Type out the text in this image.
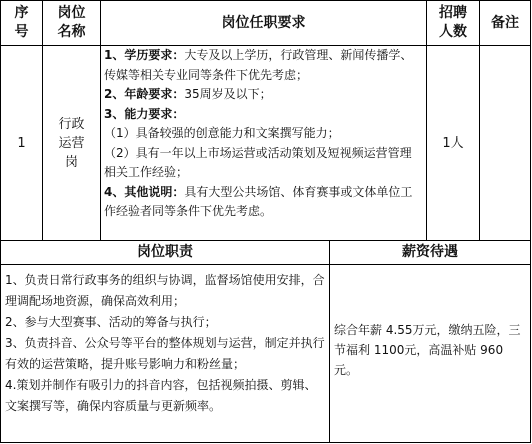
序
号
岗位
名称
岗位任职要求
招聘
人数
备注
1
行政
运营
岗

1、学历要求：大专及以上学历，行政管理、新闻传播学、传媒等相关专业同等条件下优先考虑；

2、年龄要求：35周岁及以下；

3、能力要求：

（1）具备较强的创意能力和文案撰写能力；

（2）具有一年以上市场运营或活动策划及短视频运营管理相关工作经验；

4、其他说明：具有大型公共场馆、体育赛事或文体单位工作经验者同等条件下优先考虑。

1人
岗位职责	薪资待遇

1、负责日常行政事务的组织与协调，监督场馆使用安排，合理调配场地资源，确保高效利用；

2、参与大型赛事、活动的筹备与执行；

3、负责抖音、公众号等平台的整体规划与运营，制定并执行有效的运营策略，提升账号影响力和粉丝量；

4.策划并制作有吸引力的抖音内容，包括视频拍摄、剪辑、文案撰写等，确保内容质量与更新频率。

综合年薪 4.55万元，缴纳五险，三节福利 1100元，高温补贴 960元。
